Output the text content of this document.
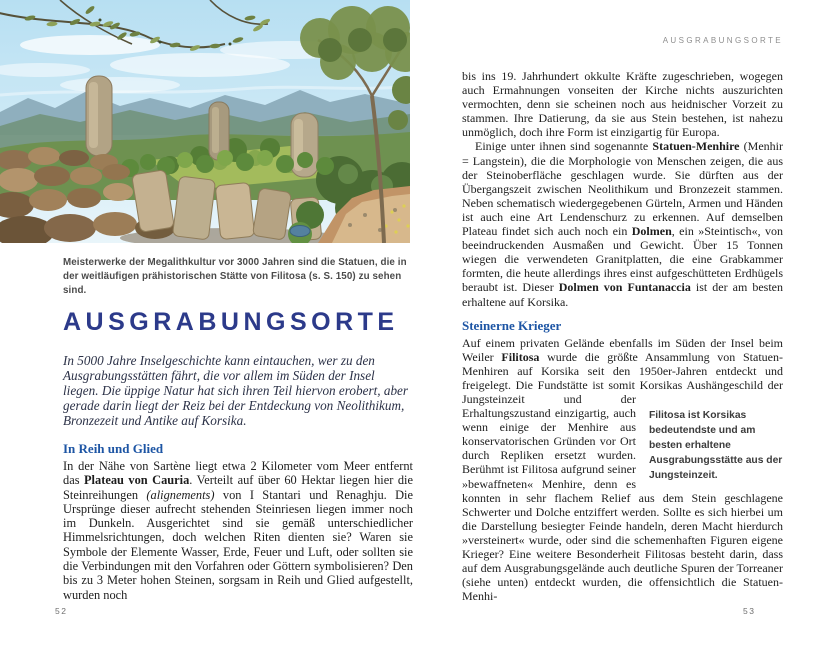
Meisterwerke der Megalithkultur vor 3000 Jahren sind die Statuen, die in der weitläufigen prähistorischen Stätte von Filitosa (s. S. 150) zu sehen sind.

AUSGRABUNGSORTE

In 5000 Jahre Inselgeschichte kann eintauchen, wer zu den Ausgrabungsstätten fährt, die vor allem im Süden der Insel liegen. Die üppige Natur hat sich ihren Teil hiervon erobert, aber gerade darin liegt der Reiz bei der Entdeckung von Neolithikum, Bronzezeit und Antike auf Korsika.

In Reih und Glied

In der Nähe von Sartène liegt etwa 2 Kilometer vom Meer entfernt das Plateau von Cauria. Verteilt auf über 60 Hektar liegen hier die Steinreihungen (alignements) von I Stantari und Renaghju. Die Ursprünge dieser aufrecht stehenden Steinriesen liegen immer noch im Dunkeln. Ausgerichtet sind sie gemäß unterschiedlicher Himmelsrichtungen, doch welchen Riten dienten sie? Waren sie Symbole der Elemente Wasser, Erde, Feuer und Luft, oder sollten sie die Verbindungen mit den Vorfahren oder Göttern symbolisieren? Den bis zu 3 Meter hohen Steinen, sorgsam in Reih und Glied aufgestellt, wurden noch

52
AUSGRABUNGSORTE

bis ins 19. Jahrhundert okkulte Kräfte zugeschrieben, wogegen auch Ermahnungen vonseiten der Kirche nichts auszurichten vermochten, denn sie scheinen noch aus heidnischer Vorzeit zu stammen. Ihre Datierung, da sie aus Stein bestehen, ist nahezu unmöglich, doch ihre Form ist einzigartig für Europa.

Einige unter ihnen sind sogenannte Statuen-Menhire (Menhir = Langstein), die die Morphologie von Menschen zeigen, die aus der Steinoberfläche geschlagen wurde. Sie dürften aus der Übergangszeit zwischen Neolithikum und Bronzezeit stammen. Neben schematisch wiedergegebenen Gürteln, Armen und Händen ist auch eine Art Lendenschurz zu erkennen. Auf demselben Plateau findet sich auch noch ein Dolmen, ein »Steintisch«, von beeindruckenden Ausmaßen und Gewicht. Über 15 Tonnen wiegen die verwendeten Granitplatten, die eine Grabkammer formten, die heute allerdings ihres einst aufgeschütteten Erdhügels beraubt ist. Dieser Dolmen von Funtanaccia ist der am besten erhaltene auf Korsika.

Steinerne Krieger

Auf einem privaten Gelände ebenfalls im Süden der Insel beim Weiler Filitosa wurde die größte Ansammlung von Statuen-Menhiren auf Korsika seit den 1950er-Jahren entdeckt und freigelegt. Die Fundstätte ist somit Korsikas Aushänge
Filitosa ist Korsikas bedeutendste und am besten erhaltene Ausgrabungsstätte aus der Jungsteinzeit.
schild der Jungsteinzeit und der Erhaltungszustand einzigartig, auch wenn einige der Menhire aus konservatorischen Gründen vor Ort durch Repliken ersetzt wurden. Berühmt ist Filitosa aufgrund seiner »bewaffneten« Menhire, denn es konnten in sehr flachem Relief aus dem Stein geschlagene Schwerter und Dolche entziffert werden. Sollte es sich hierbei um die Darstellung besiegter Feinde handeln, deren Macht hierdurch »versteinert« wurde, oder sind die schemenhaften Figuren eigene Krieger? Eine weitere Besonderheit Filitosas besteht darin, dass auf dem Ausgrabungsgelände auch deutliche Spuren der Torreaner (siehe unten) entdeckt wurden, die offensichtlich die Statuen-Menhi-

53
